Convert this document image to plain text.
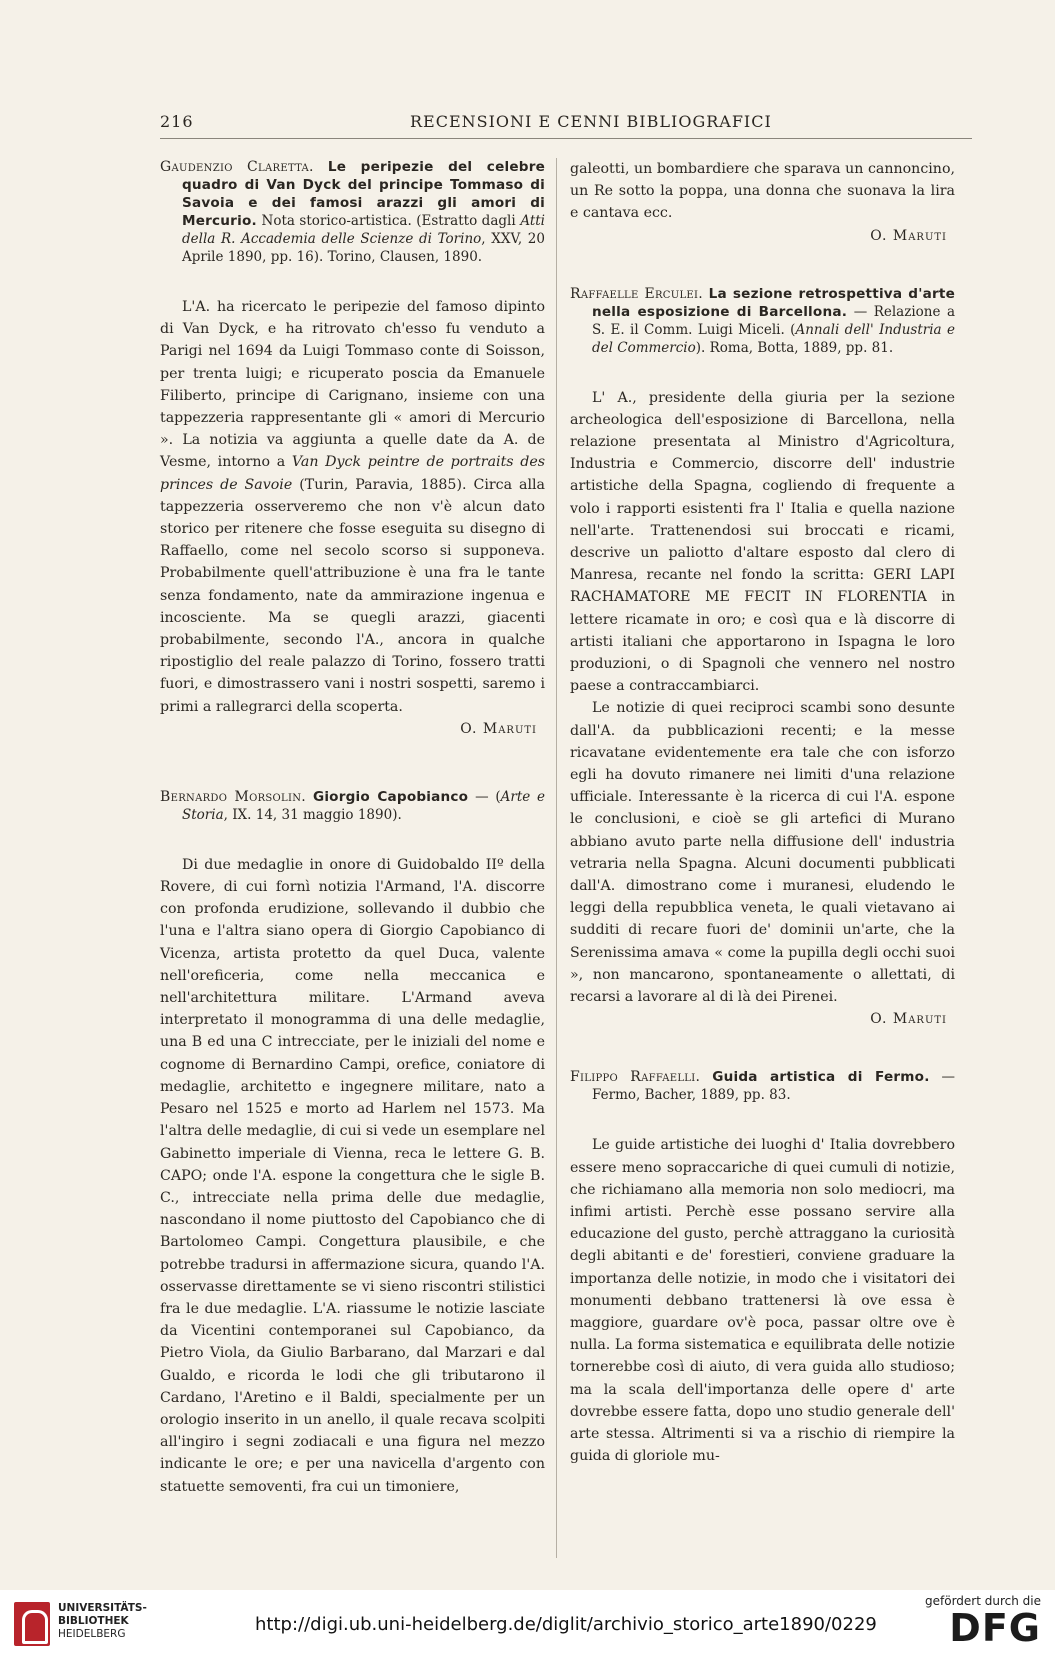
216	RECENSIONI E CENNI BIBLIOGRAFICI
Gaudenzio Claretta. Le peripezie del celebre quadro di Van Dyck del principe Tommaso di Savoia e dei famosi arazzi gli amori di Mercurio. Nota storico-artistica. (Estratto dagli Atti della R. Accademia delle Scienze di Torino, XXV, 20 Aprile 1890, pp. 16). Torino, Clausen, 1890.

L'A. ha ricercato le peripezie del famoso dipinto di Van Dyck, e ha ritrovato ch'esso fu venduto a Parigi nel 1694 da Luigi Tommaso conte di Soisson, per trenta luigi; e ricuperato poscia da Emanuele Filiberto, principe di Carignano, insieme con una tappezzeria rappresentante gli « amori di Mercurio ». La notizia va aggiunta a quelle date da A. de Vesme, intorno a Van Dyck peintre de portraits des princes de Savoie (Turin, Paravia, 1885). Circa alla tappezzeria osserveremo che non v'è alcun dato storico per ritenere che fosse eseguita su disegno di Raffaello, come nel secolo scorso si supponeva. Probabilmente quell'attribuzione è una fra le tante senza fondamento, nate da ammirazione ingenua e incosciente. Ma se quegli arazzi, giacenti probabilmente, secondo l'A., ancora in qualche ripostiglio del reale palazzo di Torino, fossero tratti fuori, e dimostrassero vani i nostri sospetti, saremo i primi a rallegrarci della scoperta.

O. Maruti
Bernardo Morsolin. Giorgio Capobianco — (Arte e Storia, IX. 14, 31 maggio 1890).

Di due medaglie in onore di Guidobaldo IIº della Rovere, di cui fornì notizia l'Armand, l'A. discorre con profonda erudizione, sollevando il dubbio che l'una e l'altra siano opera di Giorgio Capobianco di Vicenza, artista protetto da quel Duca, valente nell'oreficeria, come nella meccanica e nell'architettura militare. L'Armand aveva interpretato il monogramma di una delle medaglie, una B ed una C intrecciate, per le iniziali del nome e cognome di Bernardino Campi, orefice, coniatore di medaglie, architetto e ingegnere militare, nato a Pesaro nel 1525 e morto ad Harlem nel 1573. Ma l'altra delle medaglie, di cui si vede un esemplare nel Gabinetto imperiale di Vienna, reca le lettere G. B. CAPO; onde l'A. espone la congettura che le sigle B. C., intrecciate nella prima delle due medaglie, nascondano il nome piuttosto del Capobianco che di Bartolomeo Campi. Congettura plausibile, e che potrebbe tradursi in affermazione sicura, quando l'A. osservasse direttamente se vi sieno riscontri stilistici fra le due medaglie. L'A. riassume le notizie lasciate da Vicentini contemporanei sul Capobianco, da Pietro Viola, da Giulio Barbarano, dal Marzari e dal Gualdo, e ricorda le lodi che gli tributarono il Cardano, l'Aretino e il Baldi, specialmente per un orologio inserito in un anello, il quale recava scolpiti all'ingiro i segni zodiacali e una figura nel mezzo indicante le ore; e per una navicella d'argento con statuette semoventi, fra cui un timoniere,

galeotti, un bombardiere che sparava un cannoncino, un Re sotto la poppa, una donna che suonava la lira e cantava ecc.

O. Maruti
Raffaelle Erculei. La sezione retrospettiva d'arte nella esposizione di Barcellona. — Relazione a S. E. il Comm. Luigi Miceli. (Annali dell' Industria e del Commercio). Roma, Botta, 1889, pp. 81.

L' A., presidente della giuria per la sezione archeologica dell'esposizione di Barcellona, nella relazione presentata al Ministro d'Agricoltura, Industria e Commercio, discorre dell' industrie artistiche della Spagna, cogliendo di frequente a volo i rapporti esistenti fra l' Italia e quella nazione nell'arte. Trattenendosi sui broccati e ricami, descrive un paliotto d'altare esposto dal clero di Manresa, recante nel fondo la scritta: GERI LAPI RACHAMATORE ME FECIT IN FLORENTIA in lettere ricamate in oro; e così qua e là discorre di artisti italiani che apportarono in Ispagna le loro produzioni, o di Spagnoli che vennero nel nostro paese a contraccambiarci.

Le notizie di quei reciproci scambi sono desunte dall'A. da pubblicazioni recenti; e la messe ricavatane evidentemente era tale che con isforzo egli ha dovuto rimanere nei limiti d'una relazione ufficiale. Interessante è la ricerca di cui l'A. espone le conclusioni, e cioè se gli artefici di Murano abbiano avuto parte nella diffusione dell' industria vetraria nella Spagna. Alcuni documenti pubblicati dall'A. dimostrano come i muranesi, eludendo le leggi della repubblica veneta, le quali vietavano ai sudditi di recare fuori de' dominii un'arte, che la Serenissima amava « come la pupilla degli occhi suoi », non mancarono, spontaneamente o allettati, di recarsi a lavorare al di là dei Pirenei.

O. Maruti
Filippo Raffaelli. Guida artistica di Fermo. — Fermo, Bacher, 1889, pp. 83.

Le guide artistiche dei luoghi d' Italia dovrebbero essere meno sopraccariche di quei cumuli di notizie, che richiamano alla memoria non solo mediocri, ma infimi artisti. Perchè esse possano servire alla educazione del gusto, perchè attraggano la curiosità degli abitanti e de' forestieri, conviene graduare la importanza delle notizie, in modo che i visitatori dei monumenti debbano trattenersi là ove essa è maggiore, guardare ov'è poca, passar oltre ove è nulla. La forma sistematica e equilibrata delle notizie tornerebbe così di aiuto, di vera guida allo studioso; ma la scala dell'importanza delle opere d' arte dovrebbe essere fatta, dopo uno studio generale dell' arte stessa. Altrimenti si va a rischio di riempire la guida di gloriole mu-

UNIVERSITÄTS-
BIBLIOTHEK
HEIDELBERG	http://digi.ub.uni-heidelberg.de/diglit/archivio_storico_arte1890/0229
gefördert durch die
DFG
